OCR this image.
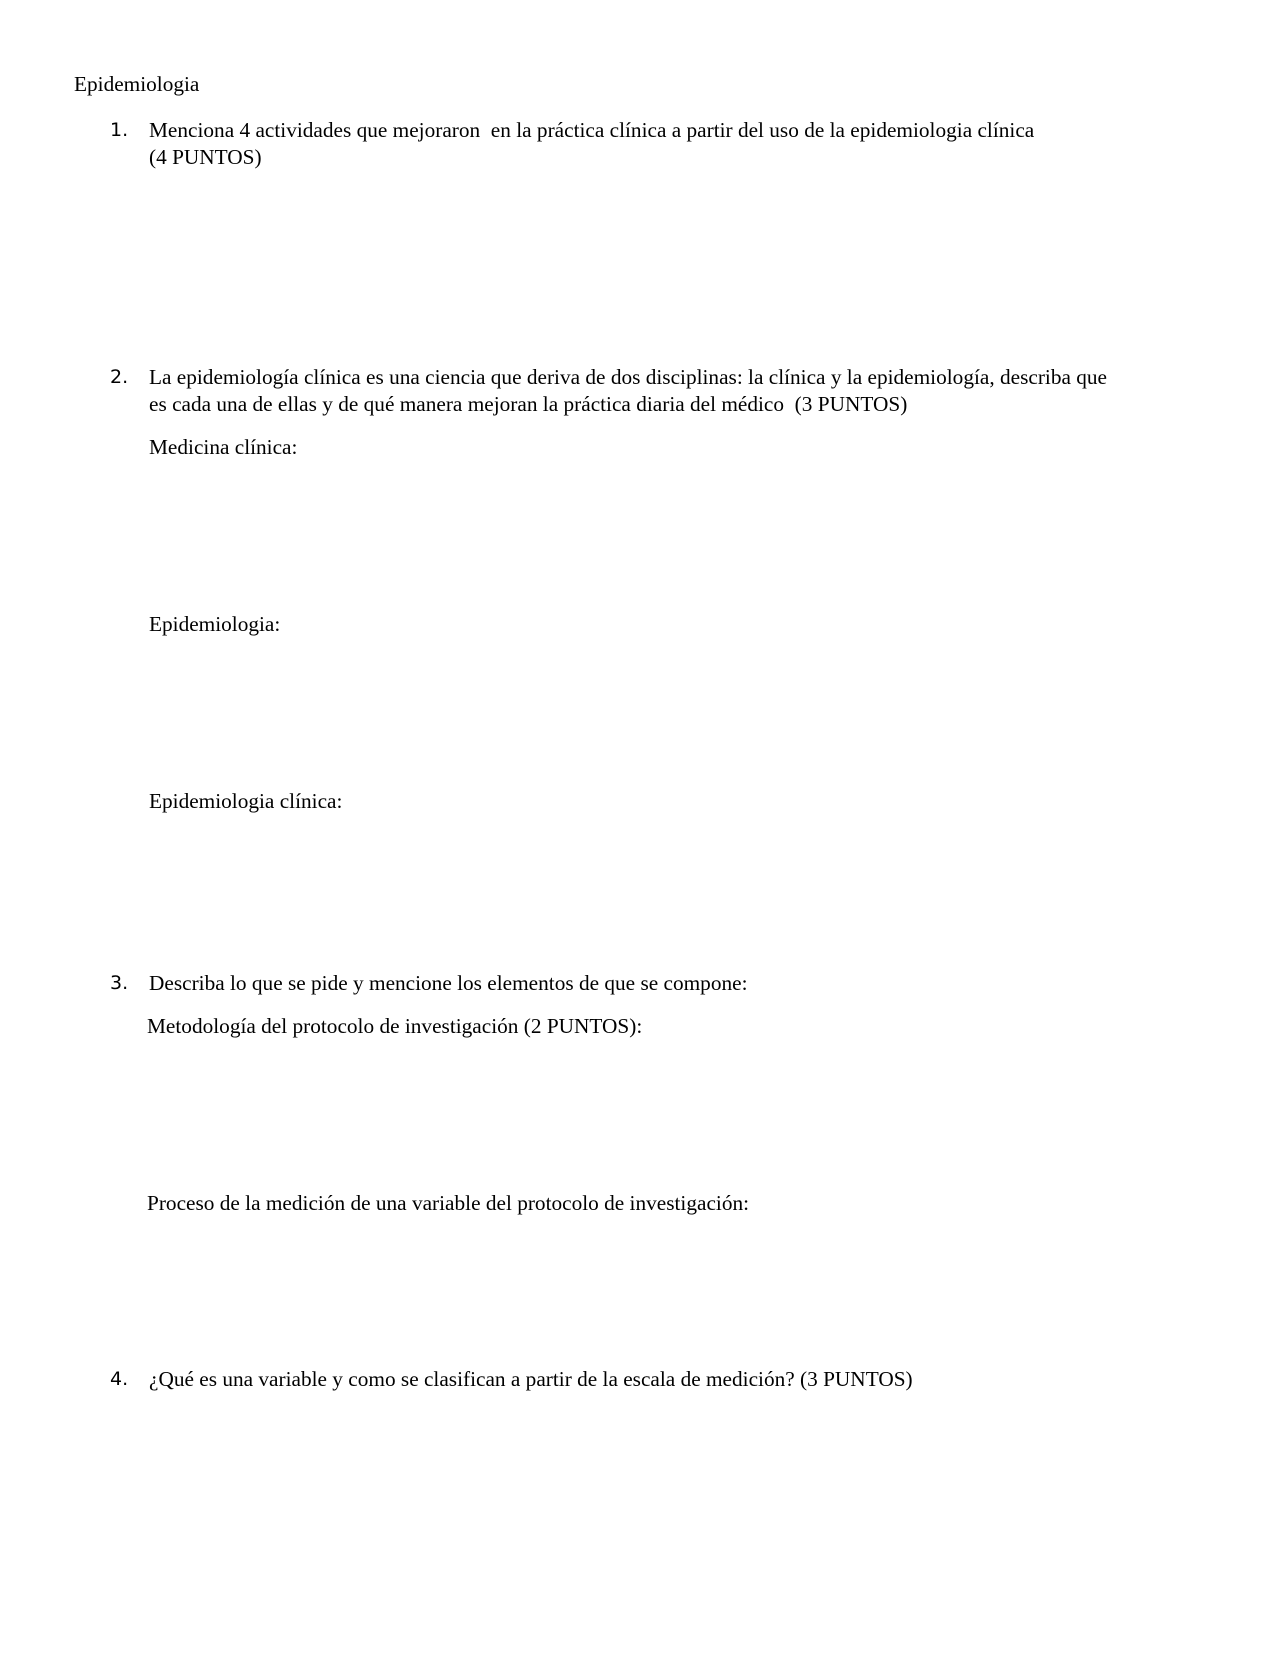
Epidemiologia
1. Menciona 4 actividades que mejoraron  en la práctica clínica a partir del uso de la epidemiologia clínica
(4 PUNTOS)
2. La epidemiología clínica es una ciencia que deriva de dos disciplinas: la clínica y la epidemiología, describa que
es cada una de ellas y de qué manera mejoran la práctica diaria del médico  (3 PUNTOS)
Medicina clínica:
Epidemiologia:
Epidemiologia clínica:
3. Describa lo que se pide y mencione los elementos de que se compone:
Metodología del protocolo de investigación (2 PUNTOS):
Proceso de la medición de una variable del protocolo de investigación:
4. ¿Qué es una variable y como se clasifican a partir de la escala de medición? (3 PUNTOS)
